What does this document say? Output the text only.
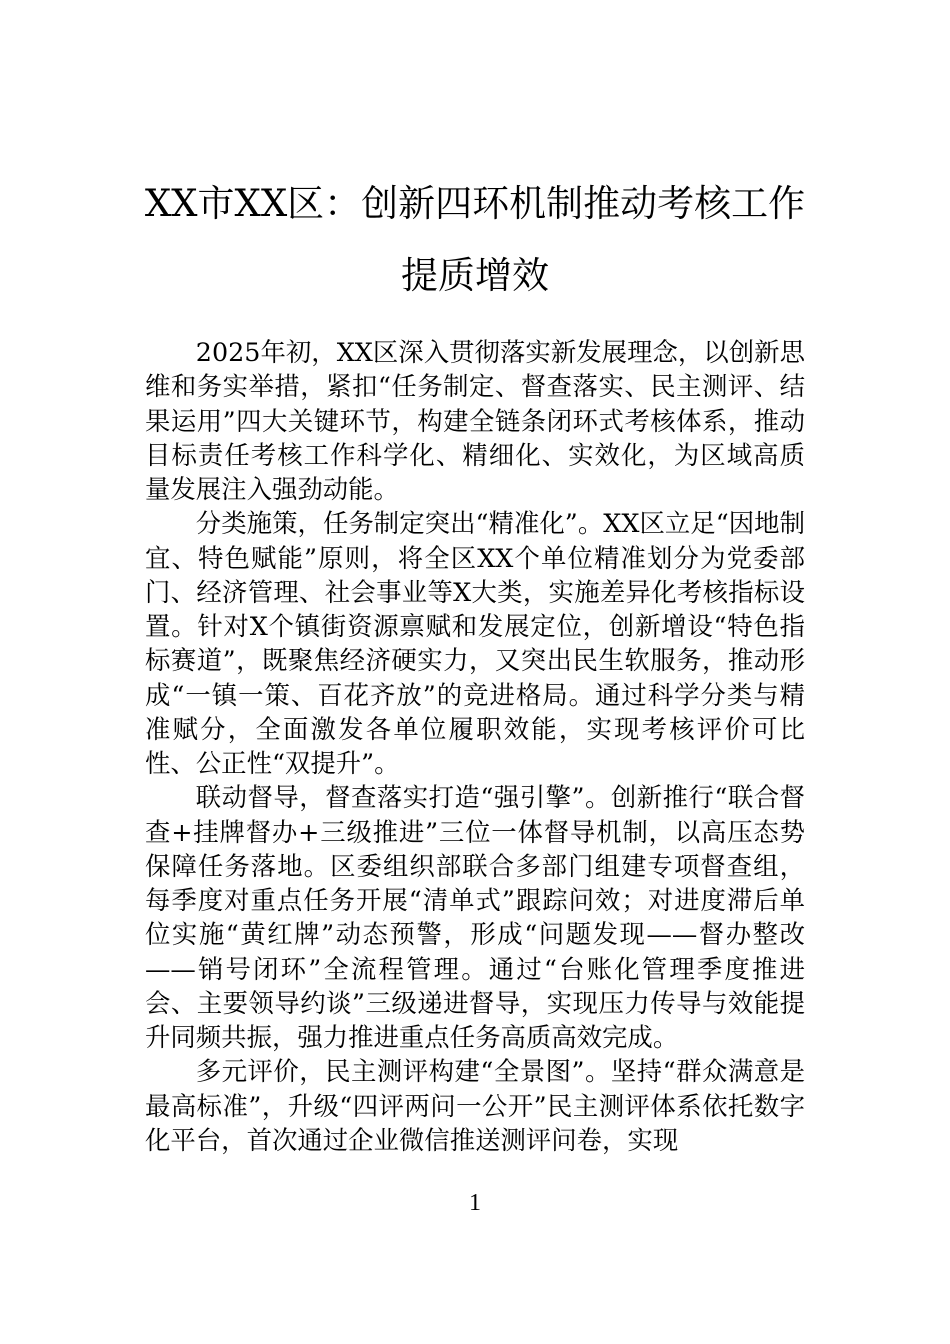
XX市XX区：创新四环机制推动考核工作
提质增效

2025年初，XX区深入贯彻落实新发展理念，以创新思维和务实举措，紧扣“任务制定、督查落实、民主测评、结果运用”四大关键环节，构建全链条闭环式考核体系，推动目标责任考核工作科学化、精细化、实效化，为区域高质量发展注入强劲动能。

分类施策，任务制定突出“精准化”。XX区立足“因地制宜、特色赋能”原则，将全区XX个单位精准划分为党委部门、经济管理、社会事业等X大类，实施差异化考核指标设置。针对X个镇街资源禀赋和发展定位，创新增设“特色指标赛道”，既聚焦经济硬实力，又突出民生软服务，推动形成“一镇一策、百花齐放”的竞进格局。通过科学分类与精准赋分，全面激发各单位履职效能，实现考核评价可比性、公正性“双提升”。

联动督导，督查落实打造“强引擎”。创新推行“联合督查+挂牌督办+三级推进”三位一体督导机制，以高压态势保障任务落地。区委组织部联合多部门组建专项督查组，每季度对重点任务开展“清单式”跟踪问效；对进度滞后单位实施“黄红牌”动态预警，形成“问题发现——督办整改——销号闭环”全流程管理。通过“台账化管理季度推进会、主要领导约谈”三级递进督导，实现压力传导与效能提升同频共振，强力推进重点任务高质高效完成。

多元评价，民主测评构建“全景图”。坚持“群众满意是最高标准”，升级“四评两问一公开”民主测评体系依托数字化平台，首次通过企业微信推送测评问卷，实现

1
